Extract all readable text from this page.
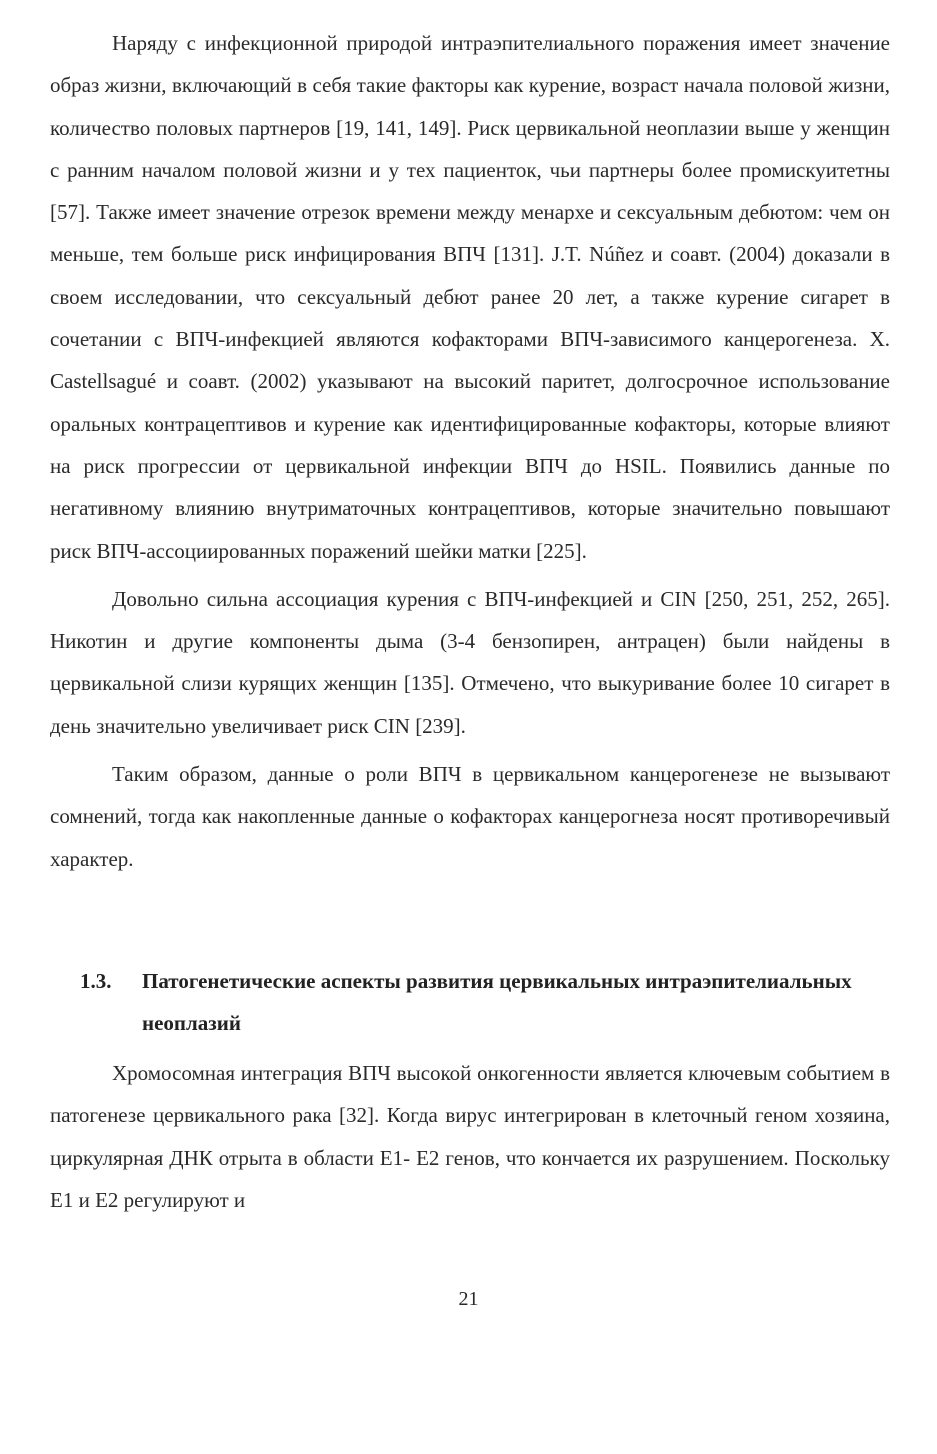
Наряду с инфекционной природой интраэпителиального поражения имеет значение образ жизни, включающий в себя такие факторы как курение, возраст начала половой жизни, количество половых партнеров [19, 141, 149]. Риск цервикальной неоплазии выше у женщин с ранним началом половой жизни и у тех пациенток, чьи партнеры более промискуитетны [57]. Также имеет значение отрезок времени между менархе и сексуальным дебютом: чем он меньше, тем больше риск инфицирования ВПЧ [131]. J.T. Núñez и соавт. (2004) доказали в своем исследовании, что сексуальный дебют ранее 20 лет, а также курение сигарет в сочетании с ВПЧ-инфекцией являются кофакторами ВПЧ-зависимого канцерогенеза. X. Castellsagué и соавт. (2002) указывают на высокий паритет, долгосрочное использование оральных контрацептивов и курение как идентифицированные кофакторы, которые влияют на риск прогрессии от цервикальной инфекции ВПЧ до HSIL. Появились данные по негативному влиянию внутриматочных контрацептивов, которые значительно повышают риск ВПЧ-ассоциированных поражений шейки матки [225].

Довольно сильна ассоциация курения с ВПЧ-инфекцией и CIN [250, 251, 252, 265]. Никотин и другие компоненты дыма (3-4 бензопирен, антрацен) были найдены в цервикальной слизи курящих женщин [135]. Отмечено, что выкуривание более 10 сигарет в день значительно увеличивает риск CIN [239].

Таким образом, данные о роли ВПЧ в цервикальном канцерогенезе не вызывают сомнений, тогда как накопленные данные о кофакторах канцерогнеза носят противоречивый характер.

1.3. Патогенетические аспекты развития цервикальных интраэпителиальных неоплазий

Хромосомная интеграция ВПЧ высокой онкогенности является ключевым событием в патогенезе цервикального рака [32]. Когда вирус интегрирован в клеточный геном хозяина, циркулярная ДНК отрыта в области E1- E2 генов, что кончается их разрушением. Поскольку E1 и E2 регулируют и

21
